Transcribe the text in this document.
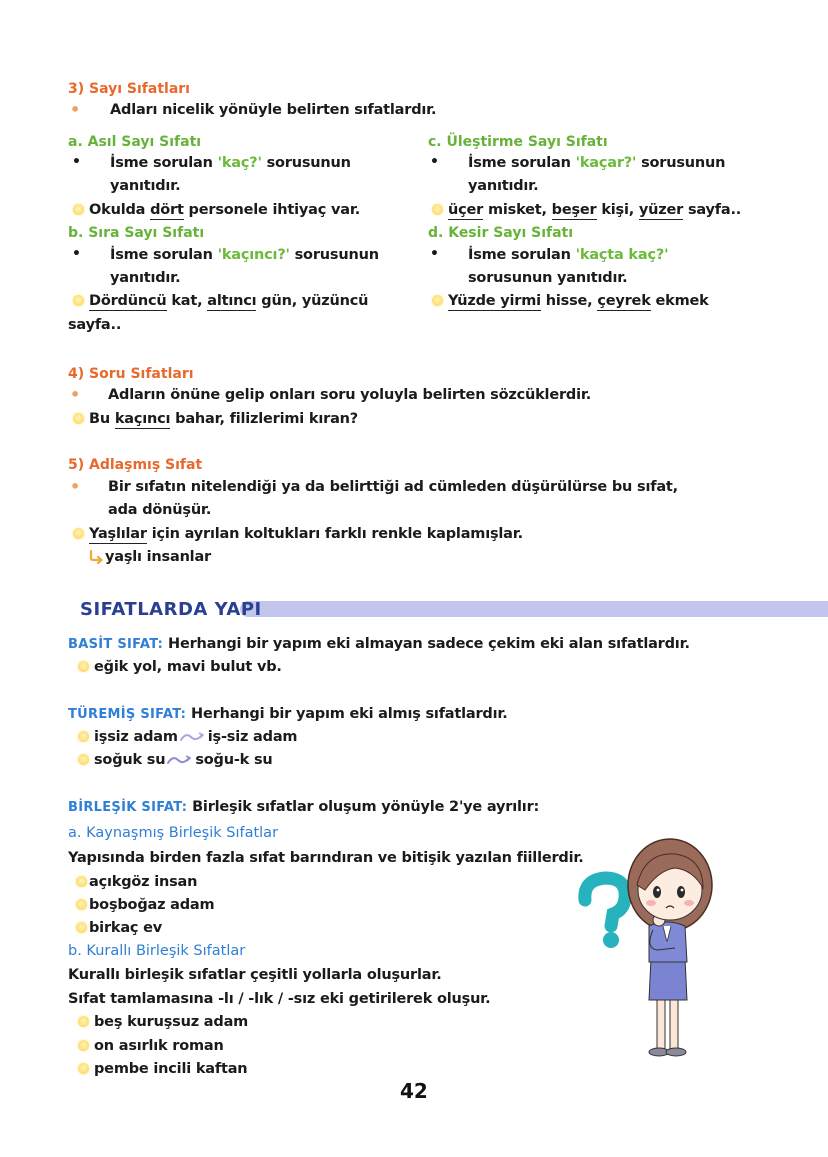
3) Sayı Sıfatları
• Adları nicelik yönüyle belirten sıfatlardır.
a. Asıl Sayı Sıfatı
• İsme sorulan 'kaç?' sorusunun
yanıtıdır.
Okulda dört personele ihtiyaç var.
b. Sıra Sayı Sıfatı
• İsme sorulan 'kaçıncı?' sorusunun
yanıtıdır.
Dördüncü kat, altıncı gün, yüzüncü
sayfa..
c. Üleştirme Sayı Sıfatı
• İsme sorulan 'kaçar?' sorusunun
yanıtıdır.
üçer misket, beşer kişi, yüzer sayfa..
d. Kesir Sayı Sıfatı
• İsme sorulan 'kaçta kaç?'
sorusunun yanıtıdır.
Yüzde yirmi hisse, çeyrek ekmek
4) Soru Sıfatları
• Adların önüne gelip onları soru yoluyla belirten sözcüklerdir.
Bu kaçıncı bahar, filizlerimi kıran?
5) Adlaşmış Sıfat
• Bir sıfatın nitelendiği ya da belirttiği ad cümleden düşürülürse bu sıfat,
ada dönüşür.
Yaşlılar için ayrılan koltukları farklı renkle kaplamışlar.
yaşlı insanlar
SIFATLARDA YAPI
BASİT SIFAT: Herhangi bir yapım eki almayan sadece çekim eki alan sıfatlardır.
eğik yol, mavi bulut vb.
TÜREMİŞ SIFAT: Herhangi bir yapım eki almış sıfatlardır.
işsiz adam iş-siz adam
soğuk su soğu-k su
BİRLEŞİK SIFAT: Birleşik sıfatlar oluşum yönüyle 2'ye ayrılır:
a. Kaynaşmış Birleşik Sıfatlar
Yapısında birden fazla sıfat barındıran ve bitişik yazılan fiillerdir.
açıkgöz insan
boşboğaz adam
birkaç ev
b. Kurallı Birleşik Sıfatlar
Kurallı birleşik sıfatlar çeşitli yollarla oluşurlar.
Sıfat tamlamasına -lı / -lık / -sız eki getirilerek oluşur.
beş kuruşsuz adam
on asırlık roman
pembe incili kaftan
42
